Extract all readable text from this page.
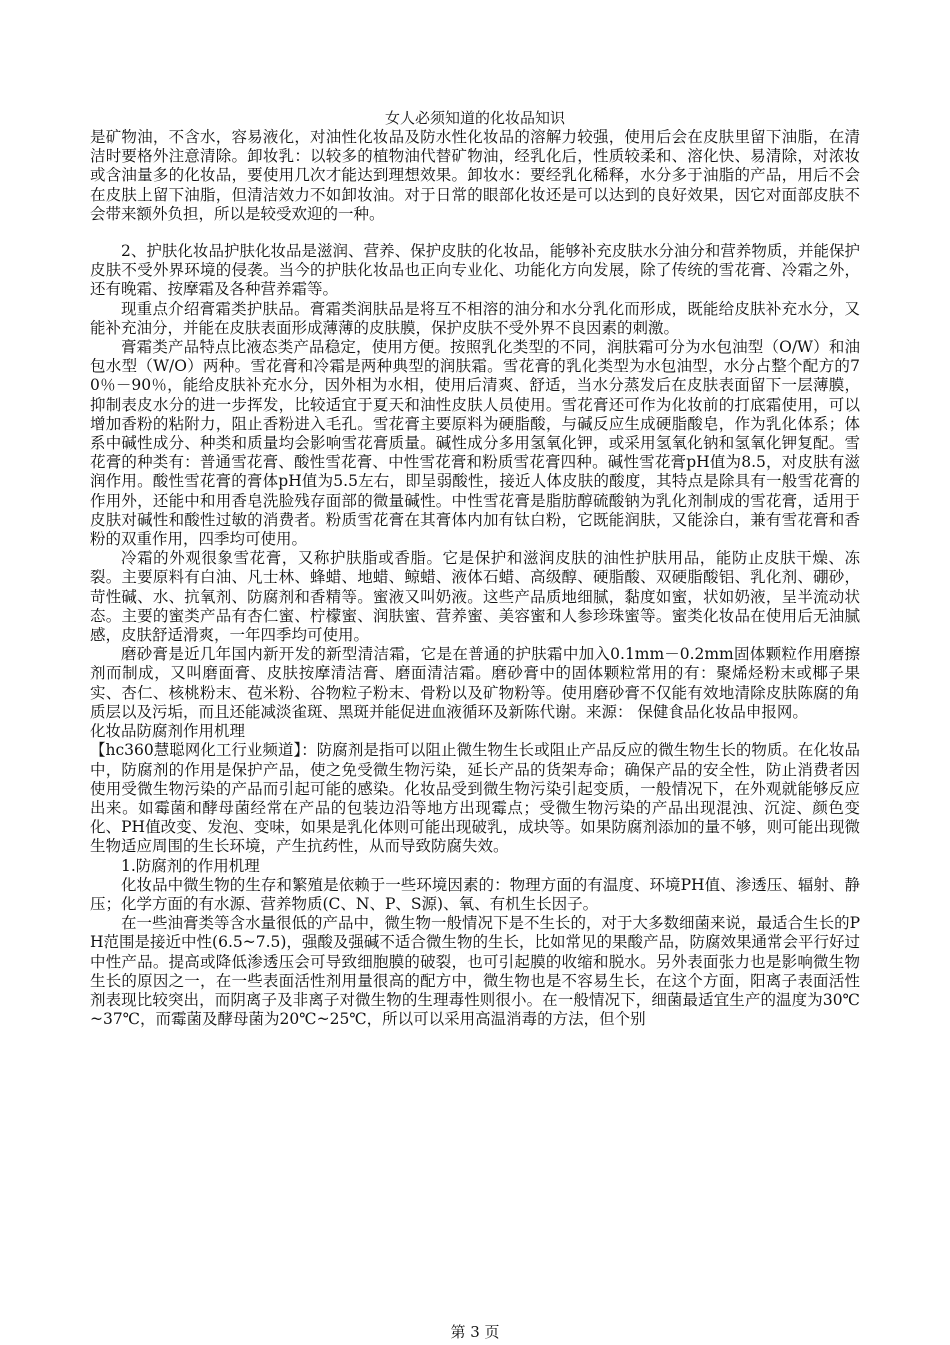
女人必须知道的化妆品知识

是矿物油，不含水，容易液化，对油性化妆品及防水性化妆品的溶解力较强，使用后会在皮肤里留下油脂，在清洁时要格外注意清除。卸妆乳：以较多的植物油代替矿物油，经乳化后，性质较柔和、溶化快、易清除，对浓妆或含油量多的化妆品，要使用几次才能达到理想效果。卸妆水：要经乳化稀释，水分多于油脂的产品，用后不会在皮肤上留下油脂，但清洁效力不如卸妆油。对于日常的眼部化妆还是可以达到的良好效果，因它对面部皮肤不会带来额外负担，所以是较受欢迎的一种。

2、护肤化妆品护肤化妆品是滋润、营养、保护皮肤的化妆品，能够补充皮肤水分油分和营养物质，并能保护皮肤不受外界环境的侵袭。当今的护肤化妆品也正向专业化、功能化方向发展，除了传统的雪花膏、冷霜之外，还有晚霜、按摩霜及各种营养霜等。

现重点介绍膏霜类护肤品。膏霜类润肤品是将互不相溶的油分和水分乳化而形成，既能给皮肤补充水分，又能补充油分，并能在皮肤表面形成薄薄的皮肤膜，保护皮肤不受外界不良因素的刺激。

膏霜类产品特点比液态类产品稳定，使用方便。按照乳化类型的不同，润肤霜可分为水包油型（O/W）和油包水型（W/O）两种。雪花膏和冷霜是两种典型的润肤霜。雪花膏的乳化类型为水包油型，水分占整个配方的70％－90％，能给皮肤补充水分，因外相为水相，使用后清爽、舒适，当水分蒸发后在皮肤表面留下一层薄膜，抑制表皮水分的进一步挥发，比较适宜于夏天和油性皮肤人员使用。雪花膏还可作为化妆前的打底霜使用，可以增加香粉的粘附力，阻止香粉进入毛孔。雪花膏主要原料为硬脂酸，与碱反应生成硬脂酸皂，作为乳化体系；体系中碱性成分、种类和质量均会影响雪花膏质量。碱性成分多用氢氧化钾，或采用氢氧化钠和氢氧化钾复配。雪花膏的种类有：普通雪花膏、酸性雪花膏、中性雪花膏和粉质雪花膏四种。碱性雪花膏pH值为8.5，对皮肤有滋润作用。酸性雪花膏的膏体pH值为5.5左右，即呈弱酸性，接近人体皮肤的酸度，其特点是除具有一般雪花膏的作用外，还能中和用香皂洗脸残存面部的微量碱性。中性雪花膏是脂肪醇硫酸钠为乳化剂制成的雪花膏，适用于皮肤对碱性和酸性过敏的消费者。粉质雪花膏在其膏体内加有钛白粉，它既能润肤，又能涂白，兼有雪花膏和香粉的双重作用，四季均可使用。

冷霜的外观很象雪花膏，又称护肤脂或香脂。它是保护和滋润皮肤的油性护肤用品，能防止皮肤干燥、冻裂。主要原料有白油、凡士林、蜂蜡、地蜡、鲸蜡、液体石蜡、高级醇、硬脂酸、双硬脂酸铝、乳化剂、硼砂，苛性碱、水、抗氧剂、防腐剂和香精等。蜜液又叫奶液。这些产品质地细腻，黏度如蜜，状如奶液，呈半流动状态。主要的蜜类产品有杏仁蜜、柠檬蜜、润肤蜜、营养蜜、美容蜜和人参珍珠蜜等。蜜类化妆品在使用后无油腻感，皮肤舒适滑爽，一年四季均可使用。

磨砂膏是近几年国内新开发的新型清洁霜，它是在普通的护肤霜中加入0.1mm－0.2mm固体颗粒作用磨擦剂而制成，又叫磨面膏、皮肤按摩清洁膏、磨面清洁霜。磨砂膏中的固体颗粒常用的有：聚烯烃粉末或椰子果实、杏仁、核桃粉末、苞米粉、谷物粒子粉末、骨粉以及矿物粉等。使用磨砂膏不仅能有效地清除皮肤陈腐的角质层以及污垢，而且还能减淡雀斑、黑斑并能促进血液循环及新陈代谢。来源： 保健食品化妆品申报网。

化妆品防腐剂作用机理

【hc360慧聪网化工行业频道】：防腐剂是指可以阻止微生物生长或阻止产品反应的微生物生长的物质。在化妆品中，防腐剂的作用是保护产品，使之免受微生物污染，延长产品的货架寿命；确保产品的安全性，防止消费者因使用受微生物污染的产品而引起可能的感染。化妆品受到微生物污染引起变质，一般情况下，在外观就能够反应出来。如霉菌和酵母菌经常在产品的包装边沿等地方出现霉点；受微生物污染的产品出现混浊、沉淀、颜色变化、PH值改变、发泡、变味，如果是乳化体则可能出现破乳，成块等。如果防腐剂添加的量不够，则可能出现微生物适应周围的生长环境，产生抗药性，从而导致防腐失效。

1.防腐剂的作用机理

化妆品中微生物的生存和繁殖是依赖于一些环境因素的：物理方面的有温度、环境PH值、渗透压、辐射、静压；化学方面的有水源、营养物质(C、N、P、S源)、氧、有机生长因子。

在一些油膏类等含水量很低的产品中，微生物一般情况下是不生长的，对于大多数细菌来说，最适合生长的PH范围是接近中性(6.5~7.5)，强酸及强碱不适合微生物的生长，比如常见的果酸产品，防腐效果通常会平行好过中性产品。提高或降低渗透压会可导致细胞膜的破裂，也可引起膜的收缩和脱水。另外表面张力也是影响微生物生长的原因之一，在一些表面活性剂用量很高的配方中，微生物也是不容易生长，在这个方面，阳离子表面活性剂表现比较突出，而阴离子及非离子对微生物的生理毒性则很小。在一般情况下，细菌最适宜生产的温度为30℃~37℃，而霉菌及酵母菌为20℃~25℃，所以可以采用高温消毒的方法，但个别

第 3 页
